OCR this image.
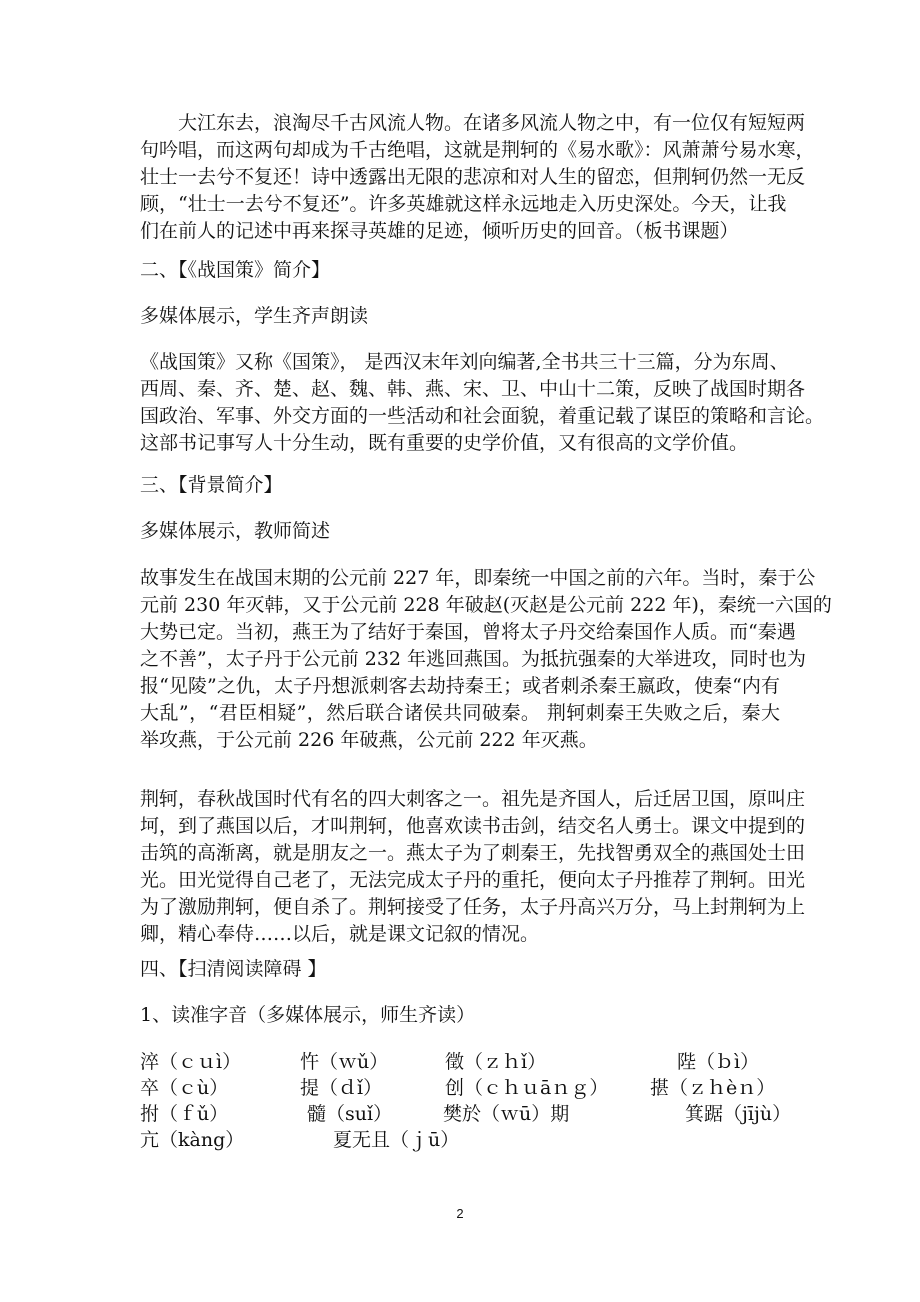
大江东去，浪淘尽千古风流人物。在诸多风流人物之中，有一位仅有短短两
句吟唱，而这两句却成为千古绝唱，这就是荆轲的《易水歌》：风萧萧兮易水寒，
壮士一去兮不复还！诗中透露出无限的悲凉和对人生的留恋，但荆轲仍然一无反
顾，“壮士一去兮不复还”。许多英雄就这样永远地走入历史深处。今天，让我
们在前人的记述中再来探寻英雄的足迹，倾听历史的回音。（板书课题）
二、【《战国策》简介】
多媒体展示，学生齐声朗读
《战国策》又称《国策》， 是西汉末年刘向编著,全书共三十三篇，分为东周、
西周、秦、齐、楚、赵、魏、韩、燕、宋、卫、中山十二策，反映了战国时期各
国政治、军事、外交方面的一些活动和社会面貌，着重记载了谋臣的策略和言论。
这部书记事写人十分生动，既有重要的史学价值，又有很高的文学价值。
三、【背景简介】
多媒体展示，教师简述
故事发生在战国末期的公元前 227 年，即秦统一中国之前的六年。当时，秦于公
元前 230 年灭韩，又于公元前 228 年破赵(灭赵是公元前 222 年)，秦统一六国的
大势已定。当初，燕王为了结好于秦国，曾将太子丹交给秦国作人质。而“秦遇
之不善”，太子丹于公元前 232 年逃回燕国。为抵抗强秦的大举进攻，同时也为
报“见陵”之仇，太子丹想派刺客去劫持秦王；或者刺杀秦王嬴政，使秦“内有
大乱”，“君臣相疑”，然后联合诸侯共同破秦。 荆轲刺秦王失败之后，秦大
举攻燕，于公元前 226 年破燕，公元前 222 年灭燕。
荆轲，春秋战国时代有名的四大刺客之一。祖先是齐国人，后迁居卫国，原叫庄
坷，到了燕国以后，才叫荆轲，他喜欢读书击剑，结交名人勇士。课文中提到的
击筑的高渐离，就是朋友之一。燕太子为了刺秦王，先找智勇双全的燕国处士田
光。田光觉得自己老了，无法完成太子丹的重托，便向太子丹推荐了荆轲。田光
为了激励荆轲，便自杀了。荆轲接受了任务，太子丹高兴万分，马上封荆轲为上
卿，精心奉侍……以后，就是课文记叙的情况。
四、【扫清阅读障碍 】
1、读准字音（多媒体展示，师生齐读）
淬（ｃｕì）	忤（ｗǔ）	徵（ｚｈǐ）	陛（ｂì）
卒（ｃù）	提（ｄǐ）	创（ｃｈｕāｎｇ） 揕（ｚｈèｎ）
拊（ｆǔ）	髓（suǐ）	樊於（ｗū）期	箕踞（jījù）
亢（kàng）	夏无且（ｊū）
2
